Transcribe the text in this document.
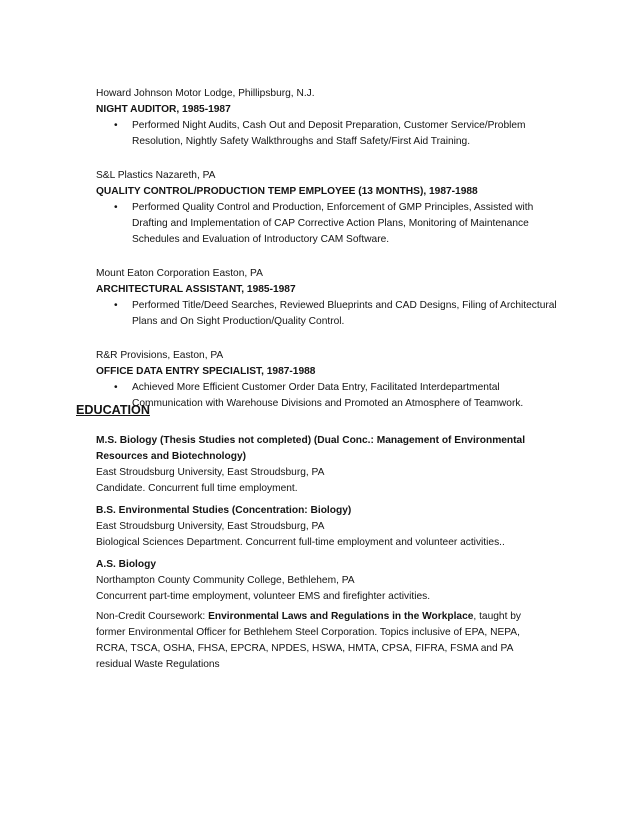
Howard Johnson Motor Lodge, Phillipsburg, N.J.
NIGHT AUDITOR, 1985-1987
• Performed Night Audits, Cash Out and Deposit Preparation, Customer Service/Problem Resolution, Nightly Safety Walkthroughs and Staff Safety/First Aid Training.
S&L Plastics Nazareth, PA
QUALITY CONTROL/PRODUCTION TEMP EMPLOYEE (13 MONTHS), 1987-1988
• Performed Quality Control and Production, Enforcement of GMP Principles, Assisted with Drafting and Implementation of CAP Corrective Action Plans, Monitoring of Maintenance Schedules and Evaluation of Introductory CAM Software.
Mount Eaton Corporation Easton, PA
ARCHITECTURAL ASSISTANT, 1985-1987
• Performed Title/Deed Searches, Reviewed Blueprints and CAD Designs, Filing of Architectural Plans and On Sight Production/Quality Control.
R&R Provisions, Easton, PA
OFFICE DATA ENTRY SPECIALIST, 1987-1988
• Achieved More Efficient Customer Order Data Entry, Facilitated Interdepartmental Communication with Warehouse Divisions and Promoted an Atmosphere of Teamwork.
EDUCATION
M.S. Biology (Thesis Studies not completed) (Dual Conc.: Management of Environmental Resources and Biotechnology)
East Stroudsburg University, East Stroudsburg, PA
Candidate. Concurrent full time employment.
B.S. Environmental Studies (Concentration: Biology)
East Stroudsburg University, East Stroudsburg, PA
Biological Sciences Department. Concurrent full-time employment and volunteer activities..
A.S. Biology
Northampton County Community College, Bethlehem, PA
Concurrent part-time employment, volunteer EMS and firefighter activities.
Non-Credit Coursework: Environmental Laws and Regulations in the Workplace, taught by former Environmental Officer for Bethlehem Steel Corporation. Topics inclusive of EPA, NEPA, RCRA, TSCA, OSHA, FHSA, EPCRA, NPDES, HSWA, HMTA, CPSA, FIFRA, FSMA and PA residual Waste Regulations
